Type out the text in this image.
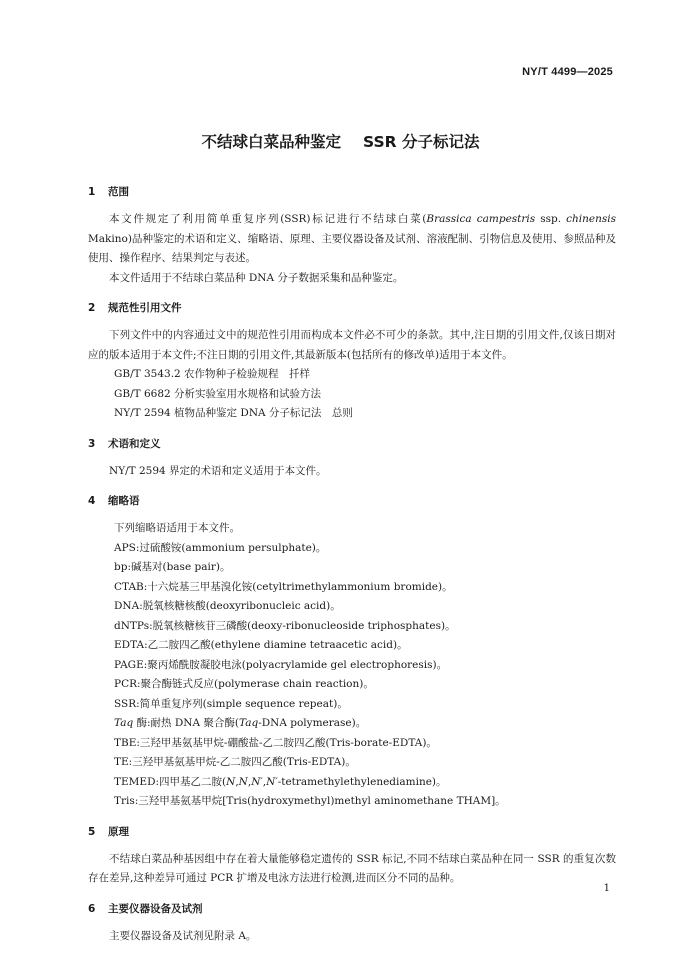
NY/T 4499—2025
不结球白菜品种鉴定 SSR 分子标记法
1 范围

本文件规定了利用简单重复序列(SSR)标记进行不结球白菜(Brassica campestris ssp. chinensis Makino)品种鉴定的术语和定义、缩略语、原理、主要仪器设备及试剂、溶液配制、引物信息及使用、参照品种及使用、操作程序、结果判定与表述。

本文件适用于不结球白菜品种 DNA 分子数据采集和品种鉴定。

2 规范性引用文件

下列文件中的内容通过文中的规范性引用而构成本文件必不可少的条款。其中,注日期的引用文件,仅该日期对应的版本适用于本文件;不注日期的引用文件,其最新版本(包括所有的修改单)适用于本文件。

GB/T 3543.2 农作物种子检验规程　扦样

GB/T 6682 分析实验室用水规格和试验方法

NY/T 2594 植物品种鉴定 DNA 分子标记法　总则

3 术语和定义

NY/T 2594 界定的术语和定义适用于本文件。

4 缩略语

下列缩略语适用于本文件。

APS:过硫酸铵(ammonium persulphate)。

bp:碱基对(base pair)。

CTAB:十六烷基三甲基溴化铵(cetyltrimethylammonium bromide)。

DNA:脱氧核糖核酸(deoxyribonucleic acid)。

dNTPs:脱氧核糖核苷三磷酸(deoxy-ribonucleoside triphosphates)。

EDTA:乙二胺四乙酸(ethylene diamine tetraacetic acid)。

PAGE:聚丙烯酰胺凝胶电泳(polyacrylamide gel electrophoresis)。

PCR:聚合酶链式反应(polymerase chain reaction)。

SSR:简单重复序列(simple sequence repeat)。

Taq 酶:耐热 DNA 聚合酶(Taq-DNA polymerase)。

TBE:三羟甲基氨基甲烷-硼酸盐-乙二胺四乙酸(Tris-borate-EDTA)。

TE:三羟甲基氨基甲烷-乙二胺四乙酸(Tris-EDTA)。

TEMED:四甲基乙二胺(N,N,N′,N′-tetramethylethylenediamine)。

Tris:三羟甲基氨基甲烷[Tris(hydroxymethyl)methyl aminomethane THAM]。

5 原理

不结球白菜品种基因组中存在着大量能够稳定遗传的 SSR 标记,不同不结球白菜品种在同一 SSR 的重复次数存在差异,这种差异可通过 PCR 扩增及电泳方法进行检测,进而区分不同的品种。

6 主要仪器设备及试剂

主要仪器设备及试剂见附录 A。

1
